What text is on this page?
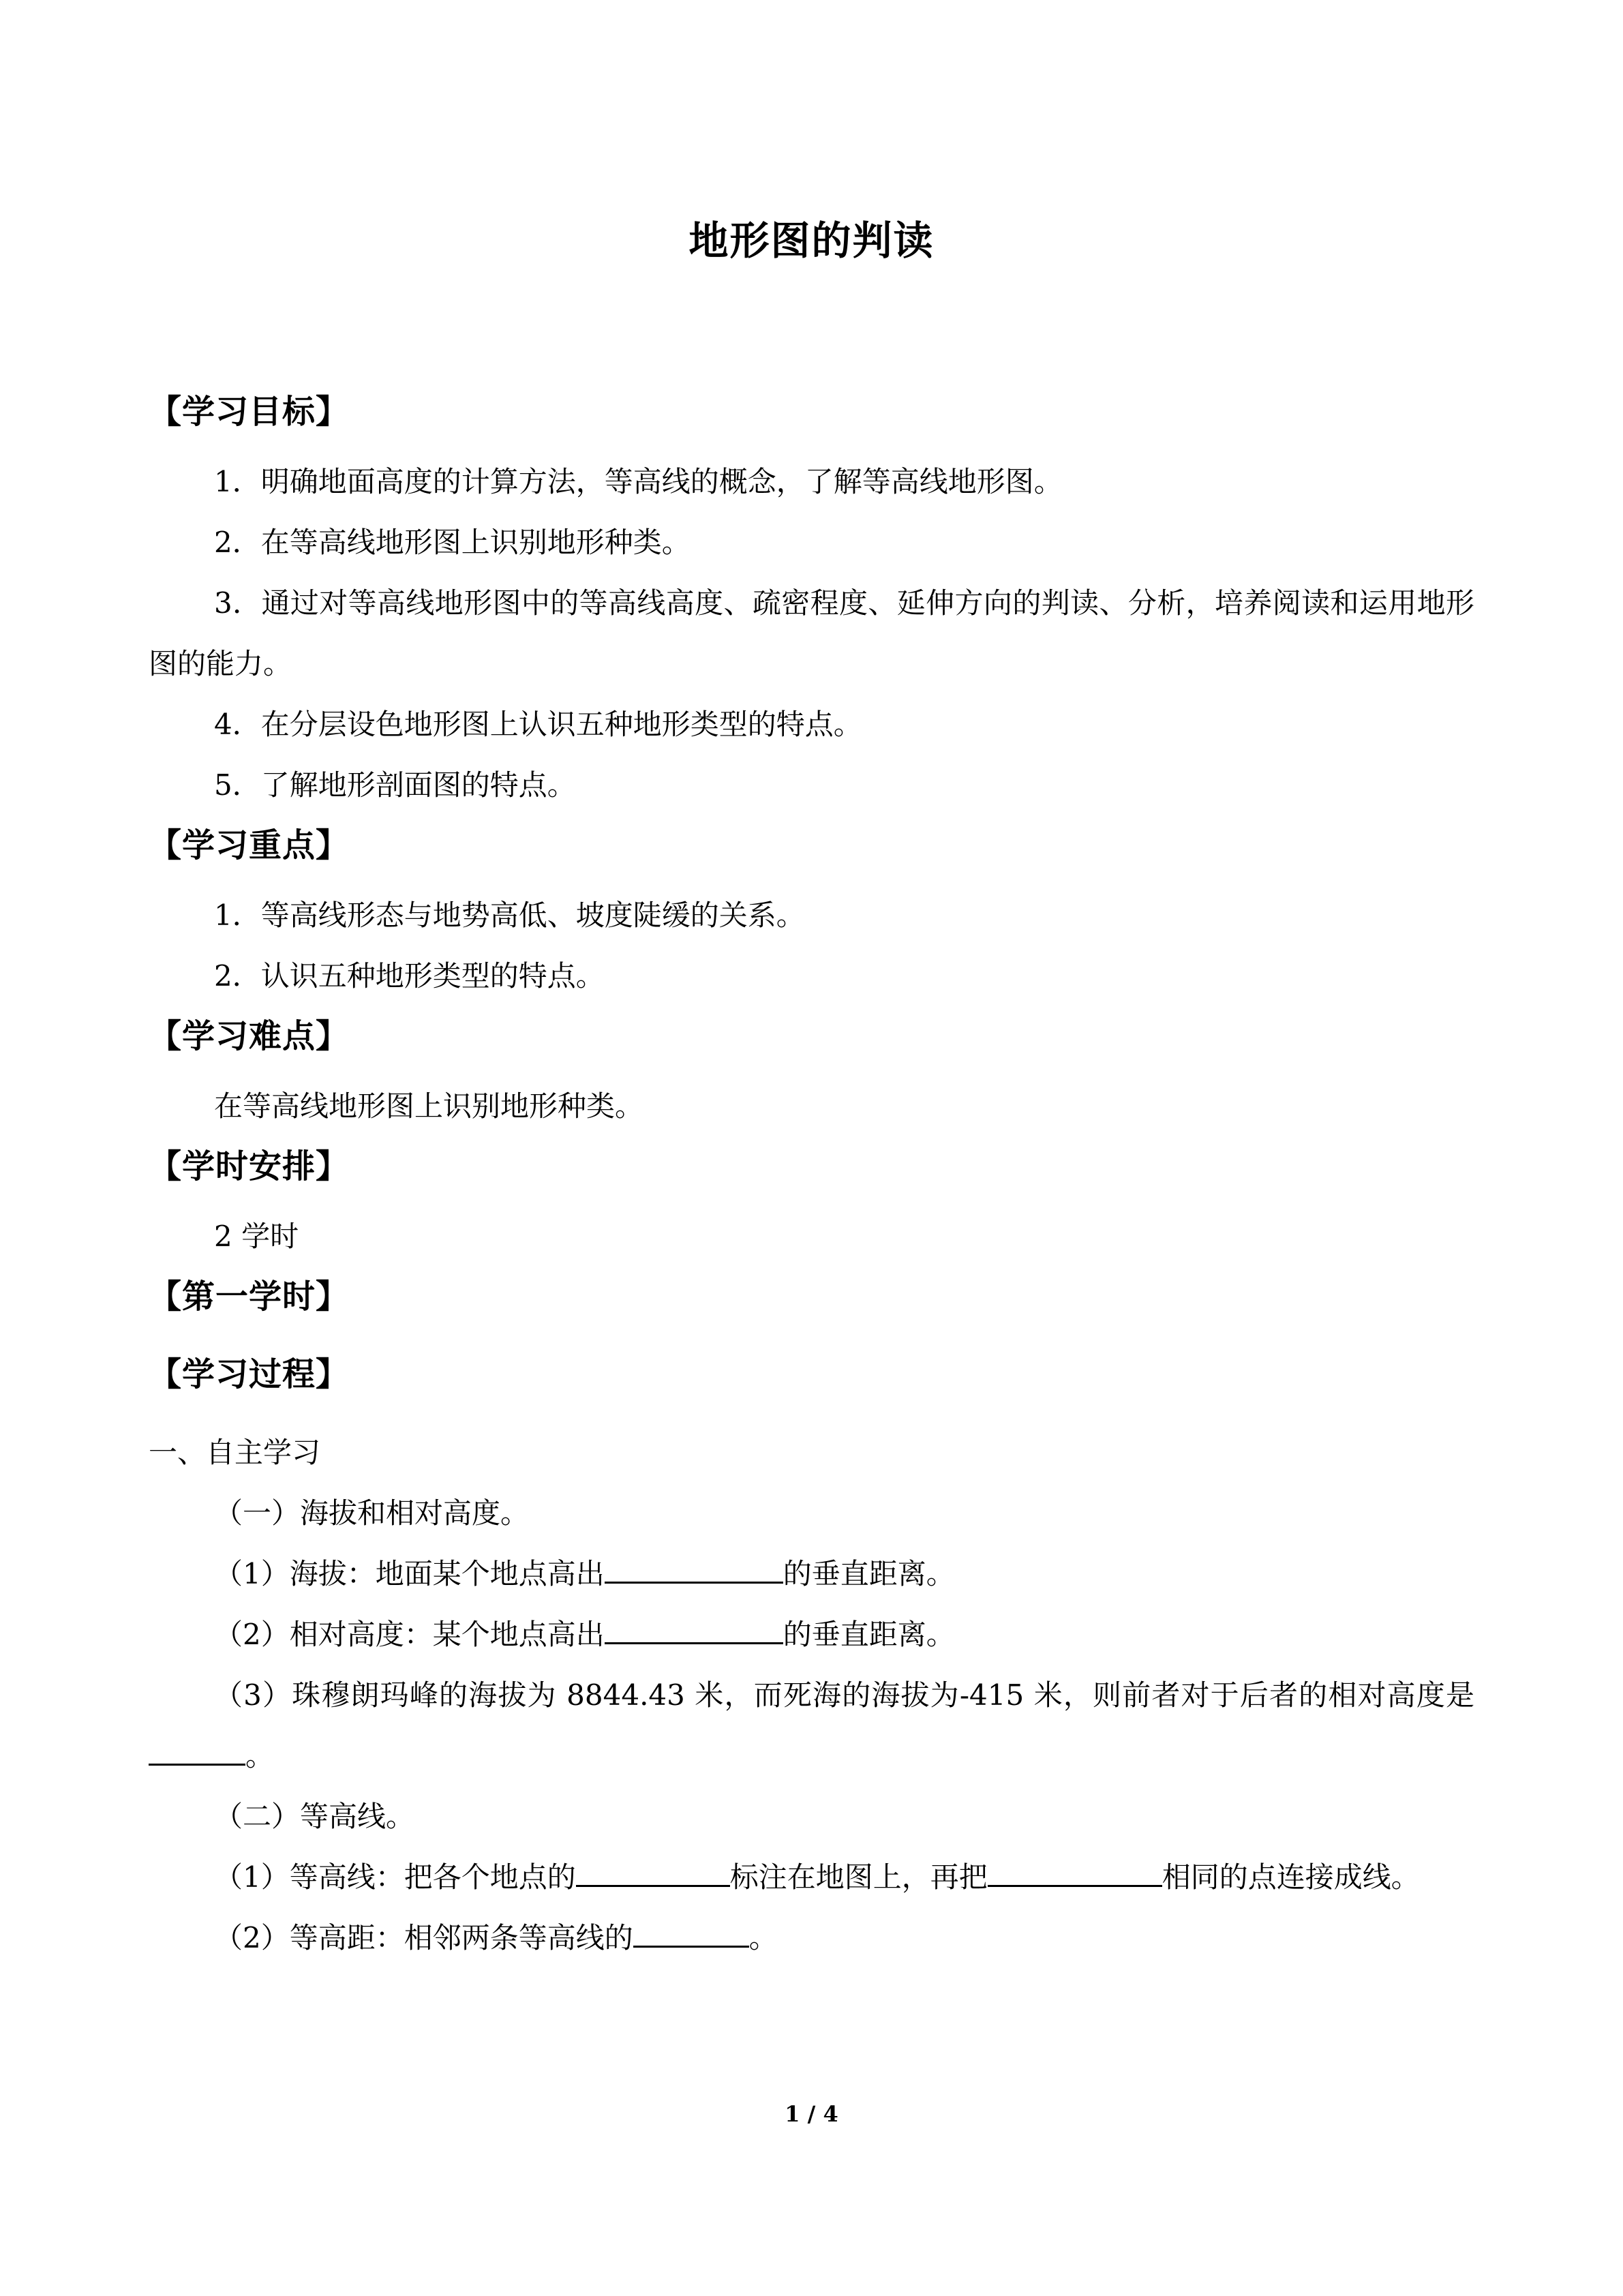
地形图的判读
【学习目标】
1．明确地面高度的计算方法，等高线的概念，了解等高线地形图。
2．在等高线地形图上识别地形种类。
3．通过对等高线地形图中的等高线高度、疏密程度、延伸方向的判读、分析，培养阅读和运用地形图的能力。
4．在分层设色地形图上认识五种地形类型的特点。
5．了解地形剖面图的特点。
【学习重点】
1．等高线形态与地势高低、坡度陡缓的关系。
2．认识五种地形类型的特点。
【学习难点】
在等高线地形图上识别地形种类。
【学时安排】
2 学时
【第一学时】
【学习过程】
一、自主学习
（一）海拔和相对高度。
（1）海拔：地面某个地点高出	的垂直距离。
（2）相对高度：某个地点高出	的垂直距离。
（3）珠穆朗玛峰的海拔为 8844.43 米，而死海的海拔为-415 米，则前者对于后者的相对高度是。
（二）等高线。
（1）等高线：把各个地点的	标注在地图上，再把	相同的点连接成线。
（2）等高距：相邻两条等高线的	。
1 / 4
